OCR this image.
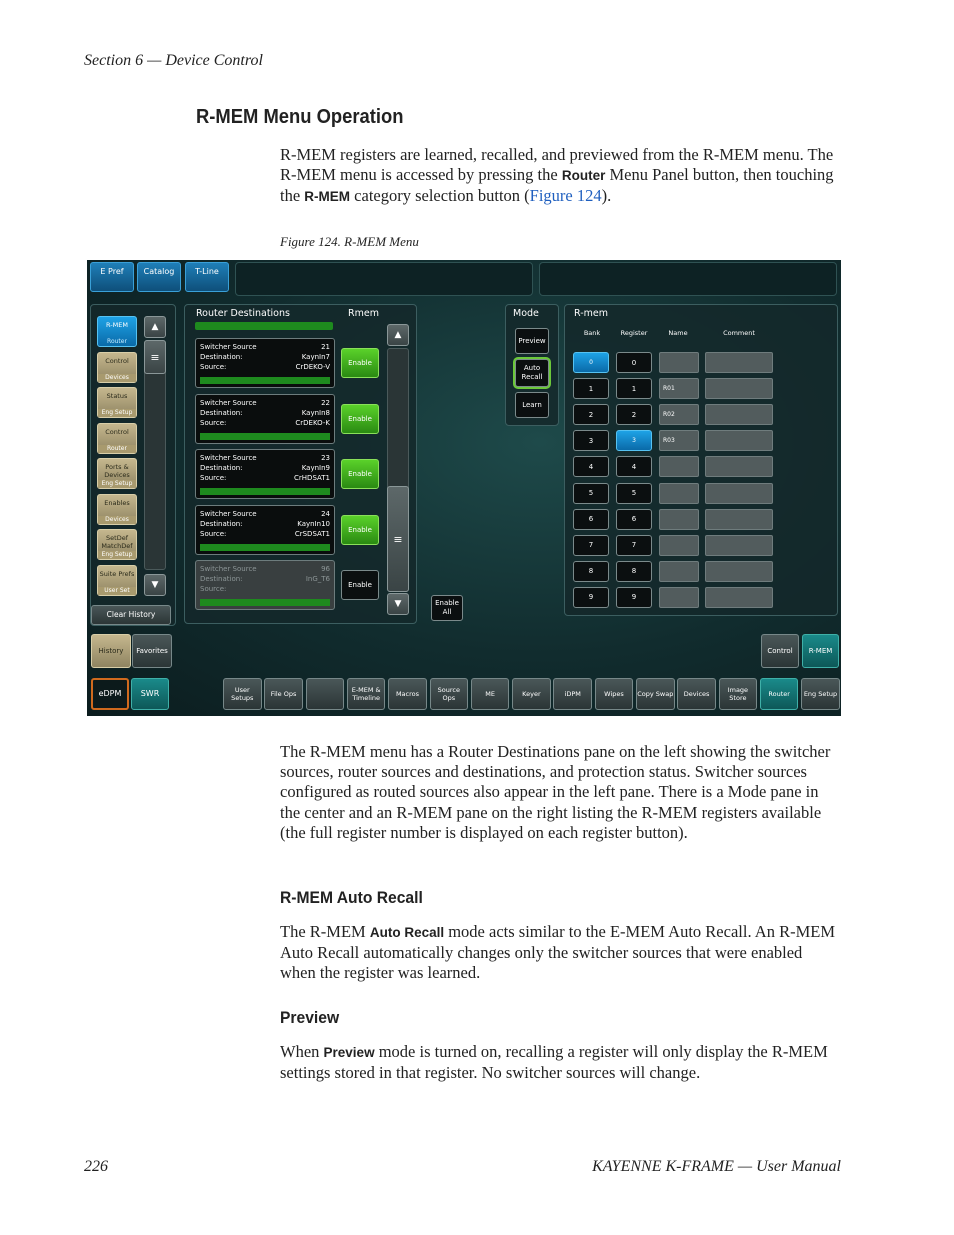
Section 6 — Device Control
R-MEM Menu Operation
R-MEM registers are learned, recalled, and previewed from the R-MEM menu. The R-MEM menu is accessed by pressing the Router Menu Panel button, then touching the R-MEM category selection button (Figure 124).
Figure 124. R-MEM Menu
E Pref	Catalog	T-Line
▲
≡
▼
Clear History
History	Favorites
Router Destinations	Rmem
▲
≡
▼	Enable All
Mode
Preview
Auto Recall
Learn
R-mem
Bank	Register	Name	Comment
Control	R-MEM
eDPM	SWR
R-MEM
Router
Control
Devices
Status
Eng Setup
Control
Router
Ports & Devices
Eng Setup
Enables
Devices
SetDef MatchDef
Eng Setup
Suite Prefs
User Set
Switcher Source	21
Destination:	KaynIn7
Source:	CrDEKO-V	Enable
Switcher Source	22
Destination:	KaynIn8
Source:	CrDEKO-K	Enable
Switcher Source	23
Destination:	KaynIn9
Source:	CrHDSAT1	Enable
Switcher Source	24
Destination:	KaynIn10
Source:	CrSDSAT1	Enable
Switcher Source	96
Destination:	InG_T6
Source:	Enable
0	0
1	1	R01
2	2	R02
3	3	R03
4	4
5	5
6	6
7	7
8	8
9	9
User Setups	File Ops	E-MEM & Timeline	Macros	Source Ops	ME	Keyer	iDPM	Wipes	Copy Swap	Devices	Image Store	Router	Eng Setup
The R-MEM menu has a Router Destinations pane on the left showing the switcher sources, router sources and destinations, and protection status. Switcher sources configured as routed sources also appear in the left pane. There is a Mode pane in the center and an R-MEM pane on the right listing the R-MEM registers available (the full register number is displayed on each register button).
R-MEM Auto Recall
The R-MEM Auto Recall mode acts similar to the E-MEM Auto Recall. An R-MEM Auto Recall automatically changes only the switcher sources that were enabled when the register was learned.
Preview
When Preview mode is turned on, recalling a register will only display the R-MEM settings stored in that register. No switcher sources will change.
226	KAYENNE K-FRAME — User Manual
